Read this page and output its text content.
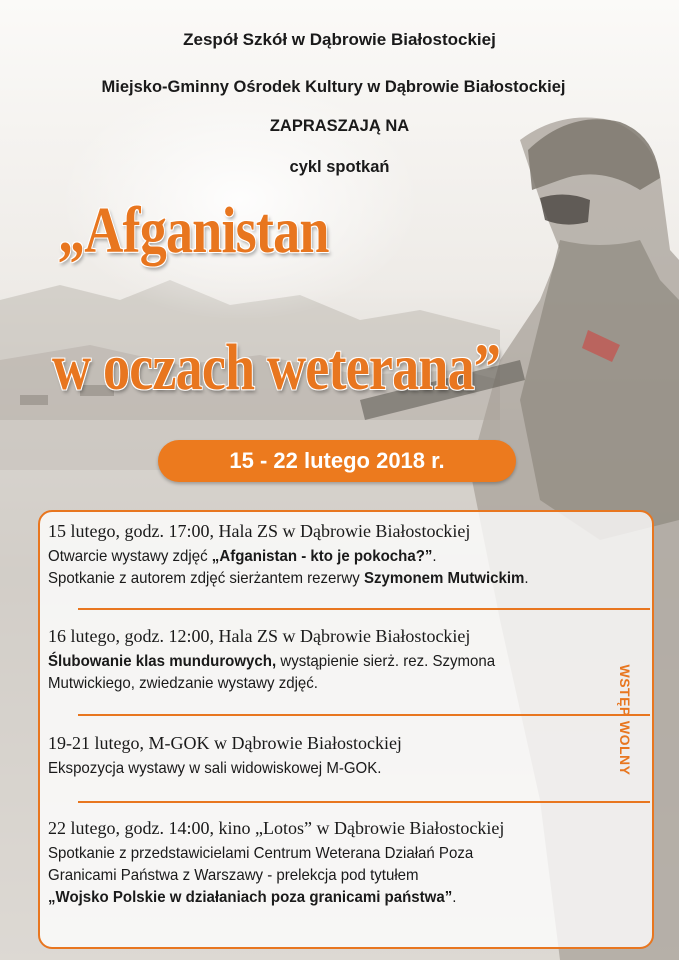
Zespół Szkół w Dąbrowie Białostockiej
Miejsko-Gminny Ośrodek Kultury w Dąbrowie Białostockiej
ZAPRASZAJĄ NA
cykl spotkań
„Afganistan
w oczach weterana”
15 - 22 lutego 2018 r.
15 lutego, godz. 17:00, Hala ZS w Dąbrowie Białostockiej
Otwarcie wystawy zdjęć „Afganistan - kto je pokocha?”.
Spotkanie z autorem zdjęć sierżantem rezerwy Szymonem Mutwickim.
16 lutego, godz. 12:00, Hala ZS w Dąbrowie Białostockiej
Ślubowanie klas mundurowych, wystąpienie sierż. rez. Szymona
Mutwickiego, zwiedzanie wystawy zdjęć.
19-21 lutego, M-GOK w Dąbrowie Białostockiej
Ekspozycja wystawy w sali widowiskowej M-GOK.
22 lutego, godz. 14:00, kino „Lotos” w Dąbrowie Białostockiej
Spotkanie z przedstawicielami Centrum Weterana Działań Poza
Granicami Państwa z Warszawy - prelekcja pod tytułem
„Wojsko Polskie w działaniach poza granicami państwa”.
WSTĘP WOLNY
